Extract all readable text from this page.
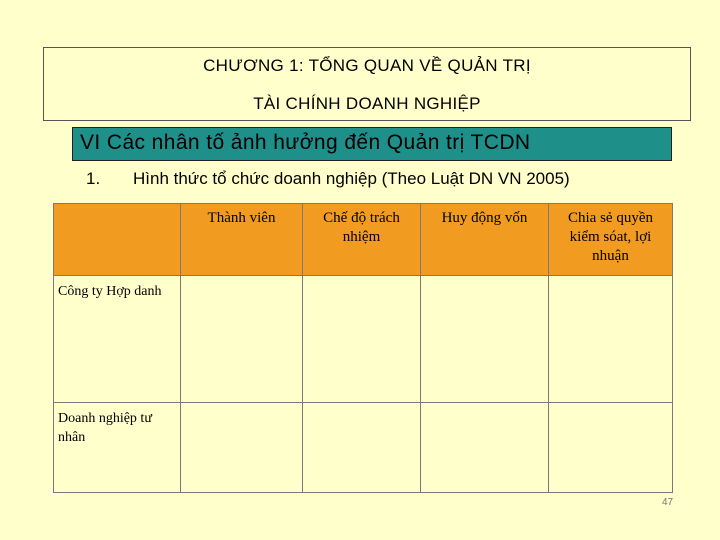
CHƯƠNG 1: TỔNG QUAN VỀ QUẢN TRỊ
TÀI CHÍNH DOANH NGHIỆP
VI Các nhân tố ảnh hưởng đến Quản trị TCDN
1. Hình thức tổ chức doanh nghiệp (Theo Luật DN VN 2005)

	Thành viên	Chế độ trách nhiệm	Huy động vốn	Chia sẻ quyền kiểm sóat, lợi nhuận

Công ty Hợp danh				

Doanh nghiệp tư nhân				

47
